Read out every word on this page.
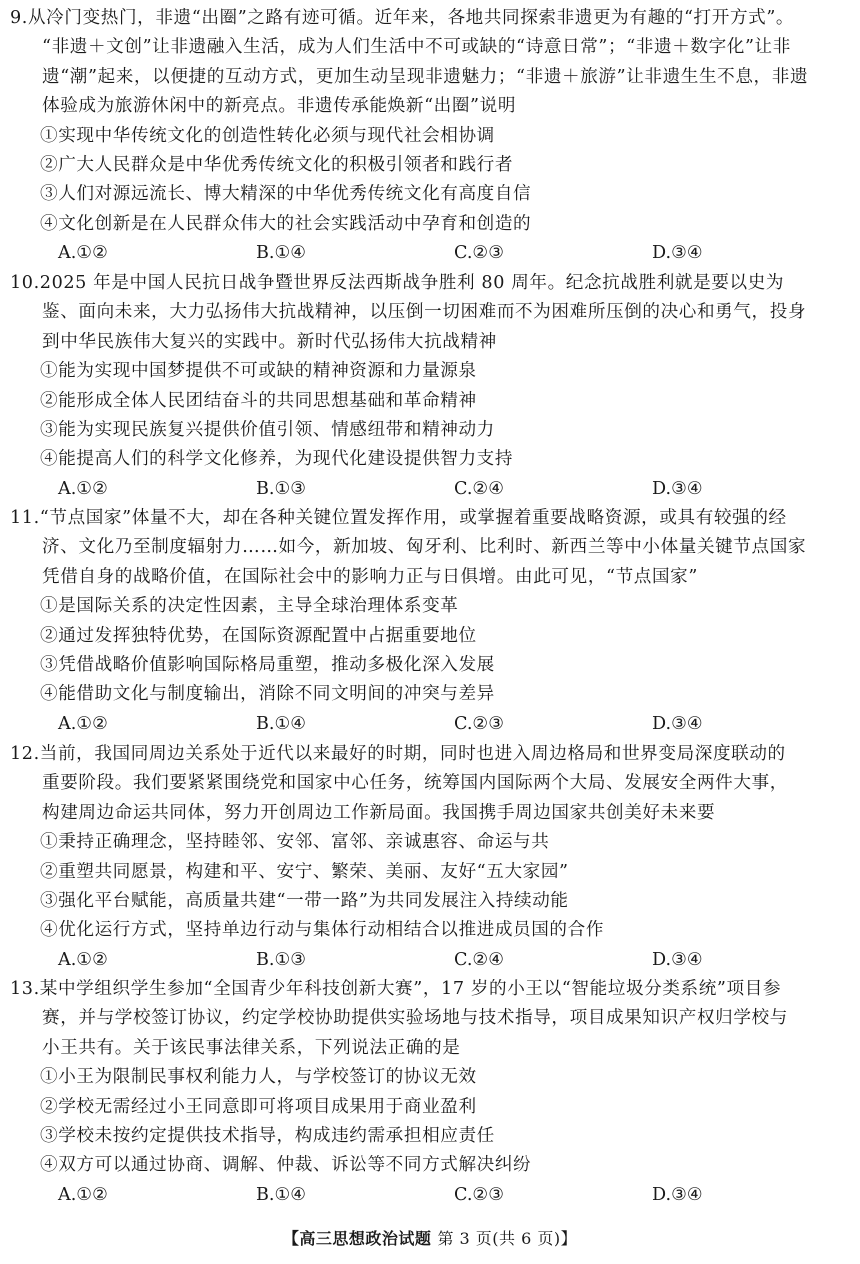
9.从冷门变热门，非遗“出圈”之路有迹可循。近年来，各地共同探索非遗更为有趣的“打开方式”。
“非遗＋文创”让非遗融入生活，成为人们生活中不可或缺的“诗意日常”；“非遗＋数字化”让非
遗“潮”起来，以便捷的互动方式，更加生动呈现非遗魅力；“非遗＋旅游”让非遗生生不息，非遗
体验成为旅游休闲中的新亮点。非遗传承能焕新“出圈”说明
①实现中华传统文化的创造性转化必须与现代社会相协调
②广大人民群众是中华优秀传统文化的积极引领者和践行者
③人们对源远流长、博大精深的中华优秀传统文化有高度自信
④文化创新是在人民群众伟大的社会实践活动中孕育和创造的
A.①②	B.①④	C.②③	D.③④
10.2025 年是中国人民抗日战争暨世界反法西斯战争胜利 80 周年。纪念抗战胜利就是要以史为
鉴、面向未来，大力弘扬伟大抗战精神，以压倒一切困难而不为困难所压倒的决心和勇气，投身
到中华民族伟大复兴的实践中。新时代弘扬伟大抗战精神
①能为实现中国梦提供不可或缺的精神资源和力量源泉
②能形成全体人民团结奋斗的共同思想基础和革命精神
③能为实现民族复兴提供价值引领、情感纽带和精神动力
④能提高人们的科学文化修养，为现代化建设提供智力支持
A.①②	B.①③	C.②④	D.③④
11.“节点国家”体量不大，却在各种关键位置发挥作用，或掌握着重要战略资源，或具有较强的经
济、文化乃至制度辐射力……如今，新加坡、匈牙利、比利时、新西兰等中小体量关键节点国家
凭借自身的战略价值，在国际社会中的影响力正与日俱增。由此可见，“节点国家”
①是国际关系的决定性因素，主导全球治理体系变革
②通过发挥独特优势，在国际资源配置中占据重要地位
③凭借战略价值影响国际格局重塑，推动多极化深入发展
④能借助文化与制度输出，消除不同文明间的冲突与差异
A.①②	B.①④	C.②③	D.③④
12.当前，我国同周边关系处于近代以来最好的时期，同时也进入周边格局和世界变局深度联动的
重要阶段。我们要紧紧围绕党和国家中心任务，统筹国内国际两个大局、发展安全两件大事，
构建周边命运共同体，努力开创周边工作新局面。我国携手周边国家共创美好未来要
①秉持正确理念，坚持睦邻、安邻、富邻、亲诚惠容、命运与共
②重塑共同愿景，构建和平、安宁、繁荣、美丽、友好“五大家园”
③强化平台赋能，高质量共建“一带一路”为共同发展注入持续动能
④优化运行方式，坚持单边行动与集体行动相结合以推进成员国的合作
A.①②	B.①③	C.②④	D.③④
13.某中学组织学生参加“全国青少年科技创新大赛”，17 岁的小王以“智能垃圾分类系统”项目参
赛，并与学校签订协议，约定学校协助提供实验场地与技术指导，项目成果知识产权归学校与
小王共有。关于该民事法律关系，下列说法正确的是
①小王为限制民事权利能力人，与学校签订的协议无效
②学校无需经过小王同意即可将项目成果用于商业盈利
③学校未按约定提供技术指导，构成违约需承担相应责任
④双方可以通过协商、调解、仲裁、诉讼等不同方式解决纠纷
A.①②	B.①④	C.②③	D.③④
【高三思想政治试题 第 3 页(共 6 页)】
